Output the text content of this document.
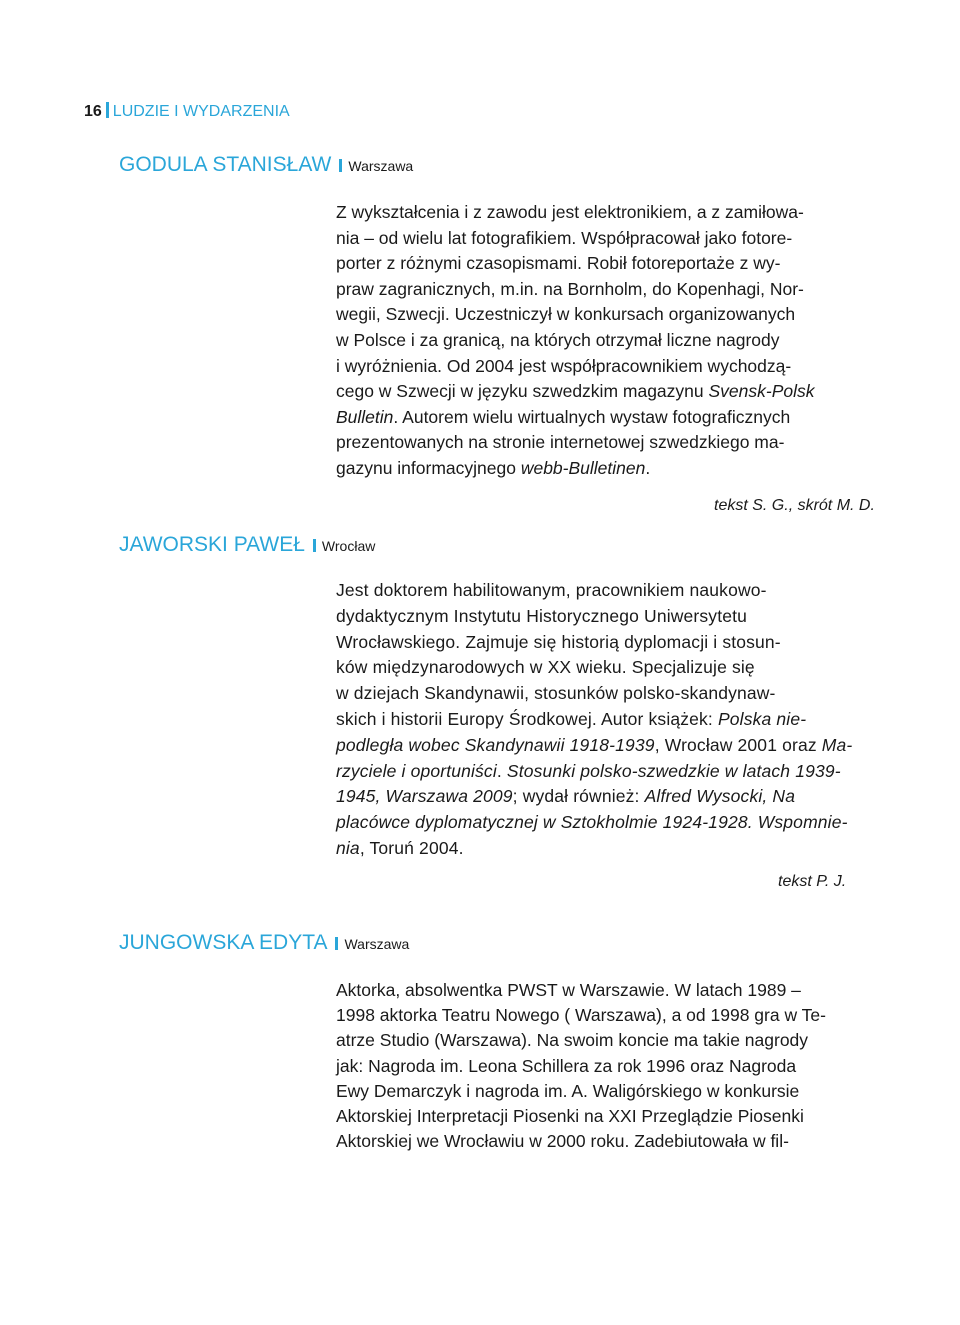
16 LUDZIE I WYDARZENIA
GODULA STANISŁAW Warszawa

Z wykształcenia i z zawodu jest elektronikiem, a z zamiłowa-
nia – od wielu lat fotografikiem. Współpracował jako fotore-
porter z różnymi czasopismami. Robił fotoreportaże z wy-
praw zagranicznych, m.in. na Bornholm, do Kopenhagi, Nor-
wegii, Szwecji. Uczestniczył w konkursach organizowanych
w Polsce i za granicą, na których otrzymał liczne nagrody
i wyróżnienia. Od 2004 jest współpracownikiem wychodzą-
cego w Szwecji w języku szwedzkim magazynu Svensk-Polsk
Bulletin. Autorem wielu wirtualnych wystaw fotograficznych
prezentowanych na stronie internetowej szwedzkiego ma-
gazynu informacyjnego webb-Bulletinen.

tekst S. G., skrót M. D.
JAWORSKI PAWEŁ Wrocław

Jest doktorem habilitowanym, pracownikiem naukowo-
dydaktycznym Instytutu Historycznego Uniwersytetu
Wrocławskiego. Zajmuje się historią dyplomacji i stosun-
ków międzynarodowych w XX wieku. Specjalizuje się
w dziejach Skandynawii, stosunków polsko-skandynaw-
skich i historii Europy Środkowej. Autor książek: Polska nie-
podległa wobec Skandynawii 1918-1939, Wrocław 2001 oraz Ma-
rzyciele i oportuniści. Stosunki polsko-szwedzkie w latach 1939-
1945, Warszawa 2009; wydał również: Alfred Wysocki, Na
placówce dyplomatycznej w Sztokholmie 1924-1928. Wspomnie-
nia, Toruń 2004.

tekst P. J.
JUNGOWSKA EDYTA Warszawa

Aktorka, absolwentka PWST w Warszawie. W latach 1989 –
1998 aktorka Teatru Nowego ( Warszawa), a od 1998 gra w Te-
atrze Studio (Warszawa). Na swoim koncie ma takie nagrody
jak: Nagroda im. Leona Schillera za rok 1996 oraz Nagroda
Ewy Demarczyk i nagroda im. A. Waligórskiego w konkursie
Aktorskiej Interpretacji Piosenki na XXI Przeglądzie Piosenki
Aktorskiej we Wrocławiu w 2000 roku. Zadebiutowała w fil-
